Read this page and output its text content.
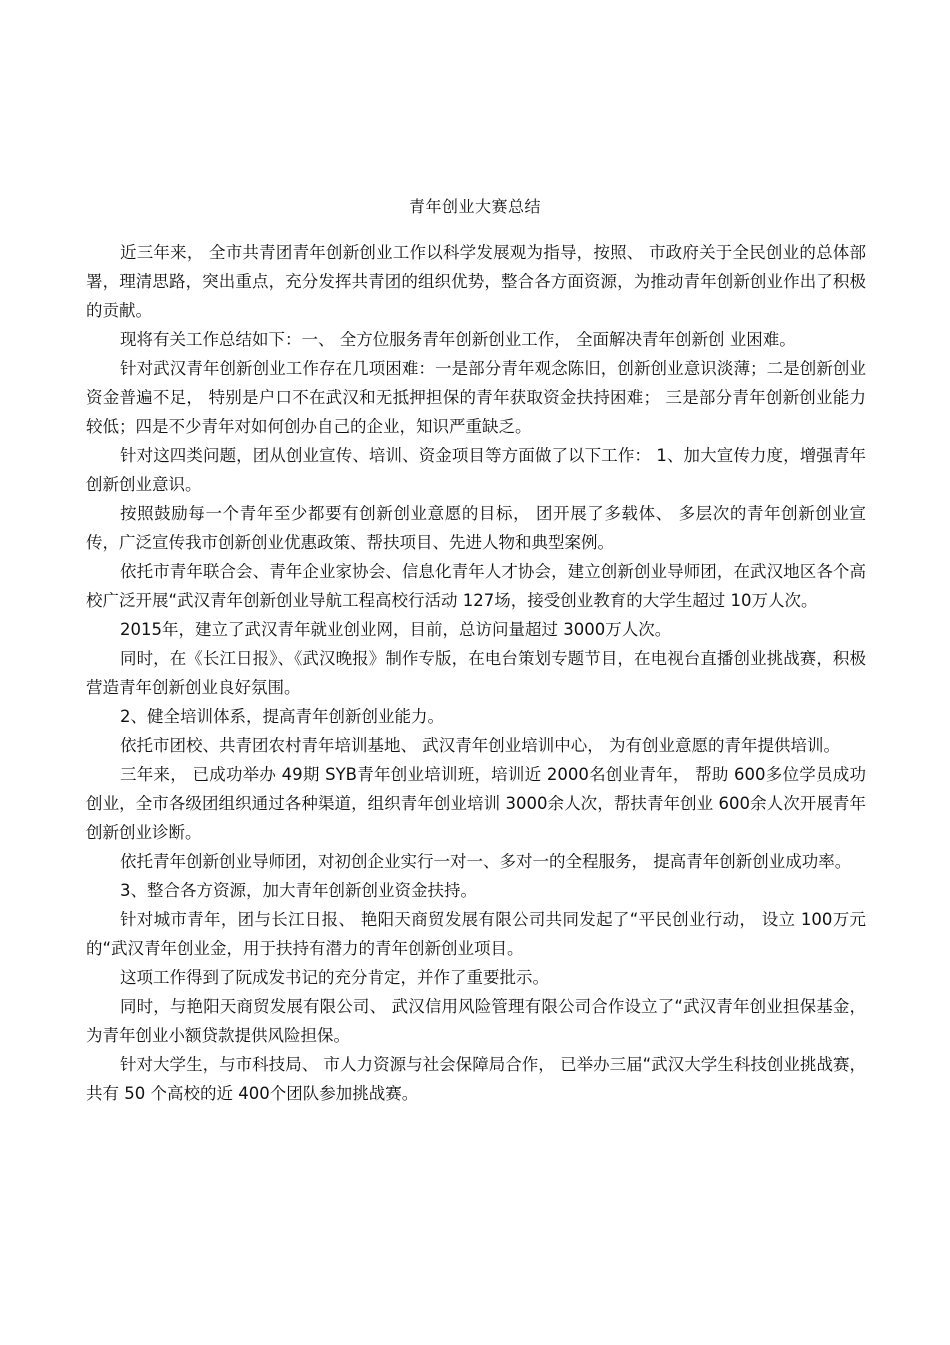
青年创业大赛总结

近三年来， 全市共青团青年创新创业工作以科学发展观为指导，按照、 市政府关于全民创业的总体部署，理清思路，突出重点，充分发挥共青团的组织优势，整合各方面资源，为推动青年创新创业作出了积极的贡献。

现将有关工作总结如下：一、 全方位服务青年创新创业工作， 全面解决青年创新创 业困难。

针对武汉青年创新创业工作存在几项困难：一是部分青年观念陈旧，创新创业意识淡薄；二是创新创业资金普遍不足， 特别是户口不在武汉和无抵押担保的青年获取资金扶持困难； 三是部分青年创新创业能力较低；四是不少青年对如何创办自己的企业，知识严重缺乏。

针对这四类问题，团从创业宣传、培训、资金项目等方面做了以下工作： 1、加大宣传力度，增强青年创新创业意识。

按照鼓励每一个青年至少都要有创新创业意愿的目标， 团开展了多载体、 多层次的青年创新创业宣传，广泛宣传我市创新创业优惠政策、帮扶项目、先进人物和典型案例。

依托市青年联合会、青年企业家协会、信息化青年人才协会，建立创新创业导师团，在武汉地区各个高校广泛开展“武汉青年创新创业导航工程高校行活动 127场，接受创业教育的大学生超过 10万人次。

2015年，建立了武汉青年就业创业网，目前，总访问量超过 3000万人次。

同时，在《长江日报》、《武汉晚报》制作专版，在电台策划专题节目，在电视台直播创业挑战赛，积极营造青年创新创业良好氛围。

2、健全培训体系，提高青年创新创业能力。

依托市团校、共青团农村青年培训基地、 武汉青年创业培训中心， 为有创业意愿的青年提供培训。

三年来， 已成功举办 49期 SYB青年创业培训班，培训近 2000名创业青年， 帮助 600多位学员成功创业，全市各级团组织通过各种渠道，组织青年创业培训 3000余人次，帮扶青年创业 600余人次开展青年创新创业诊断。

依托青年创新创业导师团，对初创企业实行一对一、多对一的全程服务， 提高青年创新创业成功率。

3、整合各方资源，加大青年创新创业资金扶持。

针对城市青年，团与长江日报、 艳阳天商贸发展有限公司共同发起了“平民创业行动， 设立 100万元的“武汉青年创业金，用于扶持有潜力的青年创新创业项目。

这项工作得到了阮成发书记的充分肯定，并作了重要批示。

同时，与艳阳天商贸发展有限公司、 武汉信用风险管理有限公司合作设立了“武汉青年创业担保基金，为青年创业小额贷款提供风险担保。

针对大学生，与市科技局、 市人力资源与社会保障局合作， 已举办三届“武汉大学生科技创业挑战赛，共有 50 个高校的近 400个团队参加挑战赛。
